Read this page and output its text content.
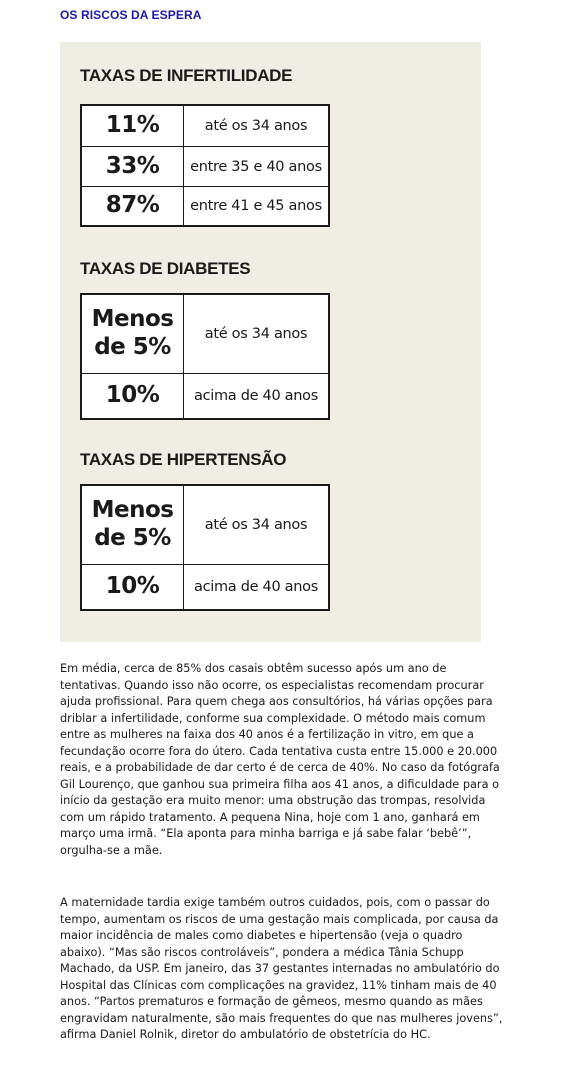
OS RISCOS DA ESPERA
TAXAS DE INFERTILIDADE
11%	até os 34 anos
33%	entre 35 e 40 anos
87%	entre 41 e 45 anos
TAXAS DE DIABETES
Menos de 5%	até os 34 anos
10%	acima de 40 anos
TAXAS DE HIPERTENSÃO
Menos de 5%	até os 34 anos
10%	acima de 40 anos

Em média, cerca de 85% dos casais obtêm sucesso após um ano de tentativas. Quando isso não ocorre, os especialistas recomendam procurar ajuda profissional. Para quem chega aos consultórios, há várias opções para driblar a infertilidade, conforme sua complexidade. O método mais comum entre as mulheres na faixa dos 40 anos é a fertilização in vitro, em que a fecundação ocorre fora do útero. Cada tentativa custa entre 15.000 e 20.000 reais, e a probabilidade de dar certo é de cerca de 40%. No caso da fotógrafa Gil Lourenço, que ganhou sua primeira filha aos 41 anos, a dificuldade para o início da gestação era muito menor: uma obstrução das trompas, resolvida com um rápido tratamento. A pequena Nina, hoje com 1 ano, ganhará em março uma irmã. “Ela aponta para minha barriga e já sabe falar ‘bebê’”, orgulha-se a mãe.

A maternidade tardia exige também outros cuidados, pois, com o passar do tempo, aumentam os riscos de uma gestação mais complicada, por causa da maior incidência de males como diabetes e hipertensão (veja o quadro abaixo). “Mas são riscos controláveis”, pondera a médica Tânia Schupp Machado, da USP. Em janeiro, das 37 gestantes internadas no ambulatório do Hospital das Clínicas com complicações na gravidez, 11% tinham mais de 40 anos. “Partos prematuros e formação de gêmeos, mesmo quando as mães engravidam naturalmente, são mais frequentes do que nas mulheres jovens”, afirma Daniel Rolnik, diretor do ambulatório de obstetrícia do HC.
